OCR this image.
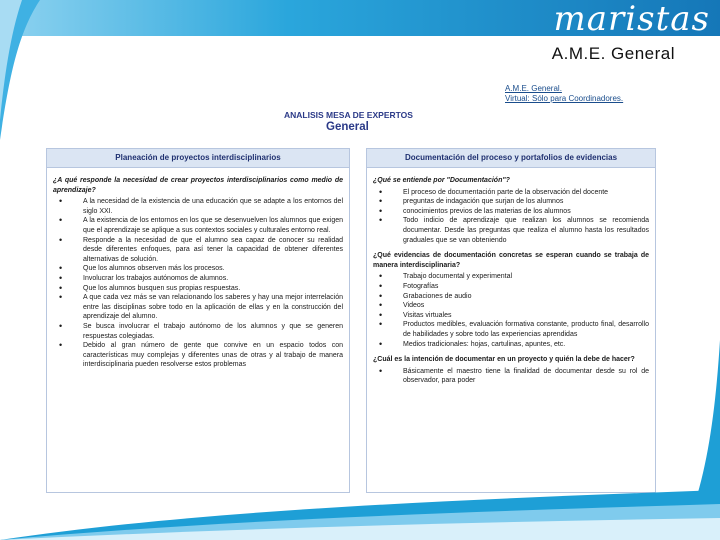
maristas
A.M.E. General
A.M.E. General.
Virtual: Sólo para Coordinadores.
ANALISIS MESA DE EXPERTOS
General
Planeación de proyectos interdisciplinarios
¿A qué responde la necesidad de crear proyectos interdisciplinarios como medio de aprendizaje?
• A la necesidad de la existencia de una educación que se adapte a los entornos del siglo XXI.
• A la existencia de los entornos en los que se desenvuelven los alumnos que exigen que el aprendizaje se aplique a sus contextos sociales y culturales entorno real.
• Responde a la necesidad de que el alumno sea capaz de conocer su realidad desde diferentes enfoques, para así tener la capacidad de obtener diferentes alternativas de solución.
• Que los alumnos observen más los procesos.
• Involucrar los trabajos autónomos de alumnos.
• Que los alumnos busquen sus propias respuestas.
• A que cada vez más se van relacionando los saberes y hay una mejor interrelación entre las disciplinas sobre todo en la aplicación de ellas y en la construcción del aprendizaje del alumno.
• Se busca involucrar el trabajo autónomo de los alumnos y que se generen respuestas colegiadas.
• Debido al gran número de gente que convive en un espacio todos con características muy complejas y diferentes unas de otras y al trabajo de manera interdisciplinaria pueden resolverse estos problemas
Documentación del proceso y portafolios de evidencias
¿Qué se entiende por "Documentación"?
• El proceso de documentación parte de la observación del docente
• preguntas de indagación que surjan de los alumnos
• conocimientos previos de las materias de los alumnos
• Todo indicio de aprendizaje que realizan los alumnos se recomienda documentar. Desde las preguntas que realiza el alumno hasta los resultados graduales que se van obteniendo
¿Qué evidencias de documentación concretas se esperan cuando se trabaja de manera interdisciplinaria?
• Trabajo documental y experimental
• Fotografías
• Grabaciones de audio
• Videos
• Visitas virtuales
• Productos medibles, evaluación formativa constante, producto final, desarrollo de habilidades y sobre todo las experiencias aprendidas
• Medios tradicionales: hojas, cartulinas, apuntes, etc.
¿Cuál es la intención de documentar en un proyecto y quién la debe de hacer?
• Básicamente el maestro tiene la finalidad de documentar desde su rol de observador, para poder
